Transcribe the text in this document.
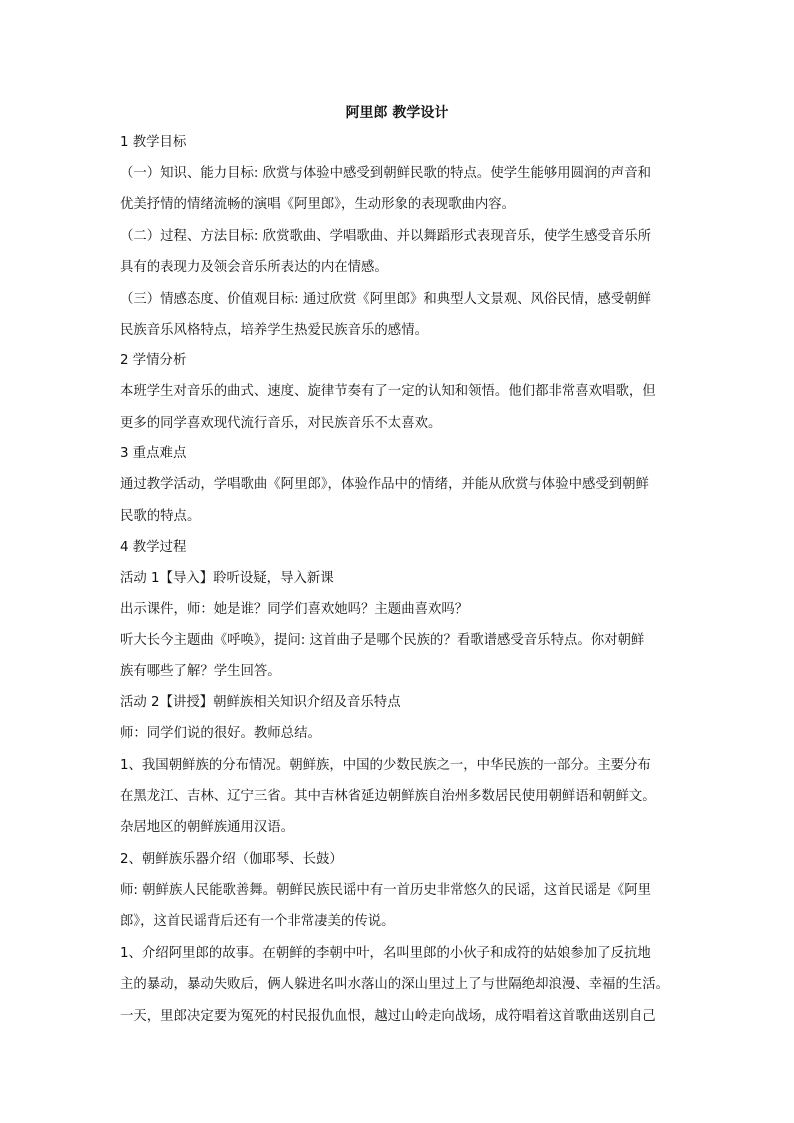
阿里郎 教学设计
1 教学目标
（一）知识、能力目标: 欣赏与体验中感受到朝鲜民歌的特点。使学生能够用圆润的声音和
优美抒情的情绪流畅的演唱《阿里郎》，生动形象的表现歌曲内容。
（二）过程、方法目标: 欣赏歌曲、学唱歌曲、并以舞蹈形式表现音乐，使学生感受音乐所
具有的表现力及领会音乐所表达的内在情感。
（三）情感态度、价值观目标: 通过欣赏《阿里郎》和典型人文景观、风俗民情，感受朝鲜
民族音乐风格特点，培养学生热爱民族音乐的感情。
2 学情分析
本班学生对音乐的曲式、速度、旋律节奏有了一定的认知和领悟。他们都非常喜欢唱歌，但
更多的同学喜欢现代流行音乐，对民族音乐不太喜欢。
3 重点难点
通过教学活动，学唱歌曲《阿里郎》，体验作品中的情绪，并能从欣赏与体验中感受到朝鲜
民歌的特点。
4 教学过程
活动 1【导入】聆听设疑，导入新课
出示课件，师：她是谁？同学们喜欢她吗？主题曲喜欢吗？
听大长今主题曲《呼唤》，提问: 这首曲子是哪个民族的？看歌谱感受音乐特点。你对朝鲜
族有哪些了解？学生回答。
活动 2【讲授】朝鲜族相关知识介绍及音乐特点
师：同学们说的很好。教师总结。
1、我国朝鲜族的分布情况。朝鲜族，中国的少数民族之一，中华民族的一部分。主要分布
在黑龙江、吉林、辽宁三省。其中吉林省延边朝鲜族自治州多数居民使用朝鲜语和朝鲜文。
杂居地区的朝鲜族通用汉语。
2、朝鲜族乐器介绍（伽耶琴、长鼓）
师: 朝鲜族人民能歌善舞。朝鲜民族民谣中有一首历史非常悠久的民谣，这首民谣是《阿里
郎》，这首民谣背后还有一个非常凄美的传说。
1、介绍阿里郎的故事。在朝鲜的李朝中叶，名叫里郎的小伙子和成符的姑娘参加了反抗地
主的暴动，暴动失败后，俩人躲进名叫水落山的深山里过上了与世隔绝却浪漫、幸福的生活。
一天，里郎决定要为冤死的村民报仇血恨，越过山岭走向战场，成符唱着这首歌曲送别自己
